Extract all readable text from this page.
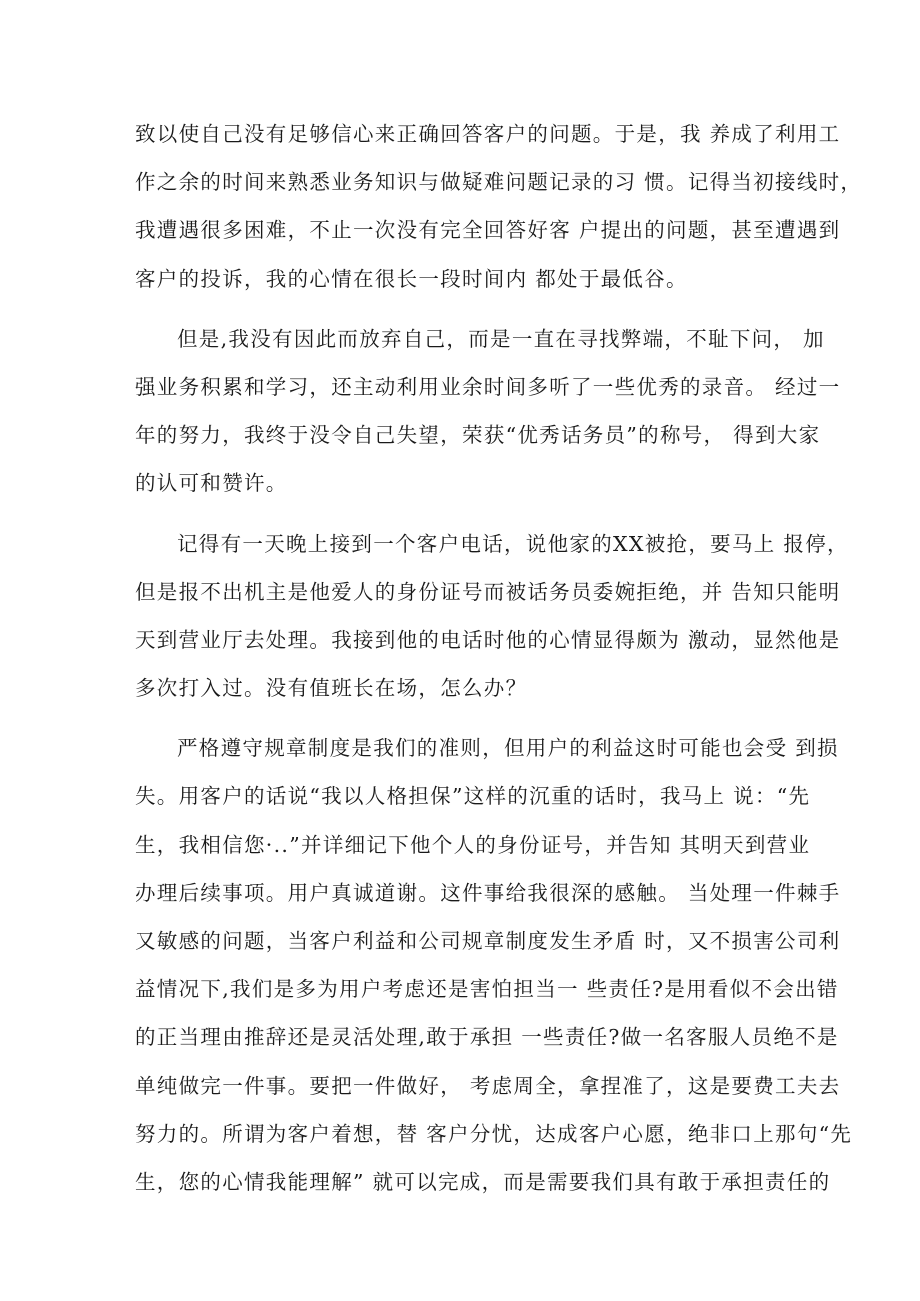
致以使自己没有足够信心来正确回答客户的问题。于是，我 养成了利用工
作之余的时间来熟悉业务知识与做疑难问题记录的习 惯。记得当初接线时，
我遭遇很多困难，不止一次没有完全回答好客 户提出的问题，甚至遭遇到
客户的投诉，我的心情在很长一段时间内 都处于最低谷。
但是,我没有因此而放弃自己，而是一直在寻找弊端，不耻下问， 加
强业务积累和学习，还主动利用业余时间多听了一些优秀的录音。 经过一
年的努力，我终于没令自己失望，荣获“优秀话务员”的称号， 得到大家
的认可和赞许。
记得有一天晚上接到一个客户电话，说他家的XX被抢，要马上 报停，
但是报不出机主是他爱人的身份证号而被话务员委婉拒绝，并 告知只能明
天到营业厅去处理。我接到他的电话时他的心情显得颇为 激动，显然他是
多次打入过。没有值班长在场，怎么办？
严格遵守规章制度是我们的准则，但用户的利益这时可能也会受 到损
失。用客户的话说“我以人格担保”这样的沉重的话时，我马上 说：“先
生，我相信您·..”并详细记下他个人的身份证号，并告知 其明天到营业
办理后续事项。用户真诚道谢。这件事给我很深的感触。 当处理一件棘手
又敏感的问题，当客户利益和公司规章制度发生矛盾 时，又不损害公司利
益情况下,我们是多为用户考虑还是害怕担当一 些责任?是用看似不会出错
的正当理由推辞还是灵活处理,敢于承担 一些责任?做一名客服人员绝不是
单纯做完一件事。要把一件做好， 考虑周全，拿捏准了，这是要费工夫去
努力的。所谓为客户着想，替 客户分忧，达成客户心愿，绝非口上那句“先
生，您的心情我能理解” 就可以完成，而是需要我们具有敢于承担责任的
